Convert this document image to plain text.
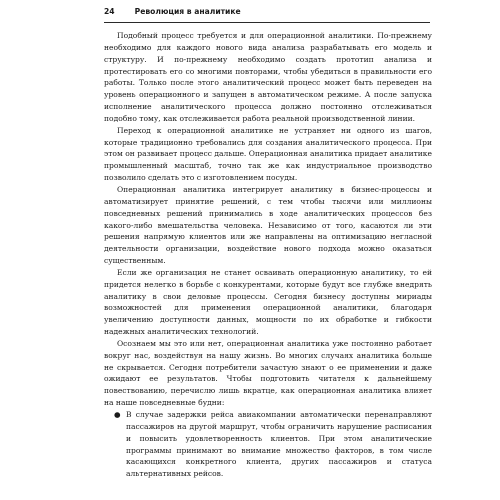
24	Революция в аналитике

Подобный процесс требуется и для операционной аналитики. По-прежнему необходимо для каждого нового вида анализа разрабатывать его модель и структуру. И по-прежнему необходимо создать прототип анализа и протестировать его со многими повторами, чтобы убедиться в правильности его работы. Только после этого аналитический процесс может быть переведен на уровень операционного и запущен в автоматическом режиме. А после запуска исполнение аналитического процесса должно постоянно отслеживаться подобно тому, как отслеживается работа реальной производственной линии.

Переход к операционной аналитике не устраняет ни одного из шагов, которые традиционно требовались для создания аналитического процесса. При этом он развивает процесс дальше. Операционная аналитика придает аналитике промышленный масштаб, точно так же как индустриальное производство позволило сделать это с изготовлением посуды.

Операционная аналитика интегрирует аналитику в бизнес-процессы и автоматизирует принятие решений, с тем чтобы тысячи или миллионы повседневных решений принимались в ходе аналитических процессов без какого-либо вмешательства человека. Независимо от того, касаются ли эти решения напрямую клиентов или же направлены на оптимизацию неглаcной деятельности организации, воздействие нового подхода можно оказаться существенным.

Если же организация не станет осваивать операционную аналитику, то ей придется нелегко в борьбе с конкурентами, которые будут все глубже внедрять аналитику в свои деловые процессы. Сегодня бизнесу доступны мириады возможностей для применения операционной аналитики, благодаря увеличению доступности данных, мощности по их обработке и гибкости надежных аналитических технологий.

Осознаем мы это или нет, операционная аналитика уже постоянно работает вокруг нас, воздействуя на нашу жизнь. Во многих случаях аналитика больше не скрывается. Сегодня потребители зачастую знают о ее применении и даже ожидают ее результатов. Чтобы подготовить читателя к дальнейшему повествованию, перечислю лишь вкратце, как операционная аналитика влияет на наше повседневные будни:

● В случае задержки рейса авиакомпании автоматически перенаправляют пассажиров на другой маршрут, чтобы ограничить нарушение расписания и повысить удовлетворенность клиентов. При этом аналитические программы принимают во внимание множество факторов, в том числе касающихся конкретного клиента, других пассажиров и статуса альтернативных рейсов.
